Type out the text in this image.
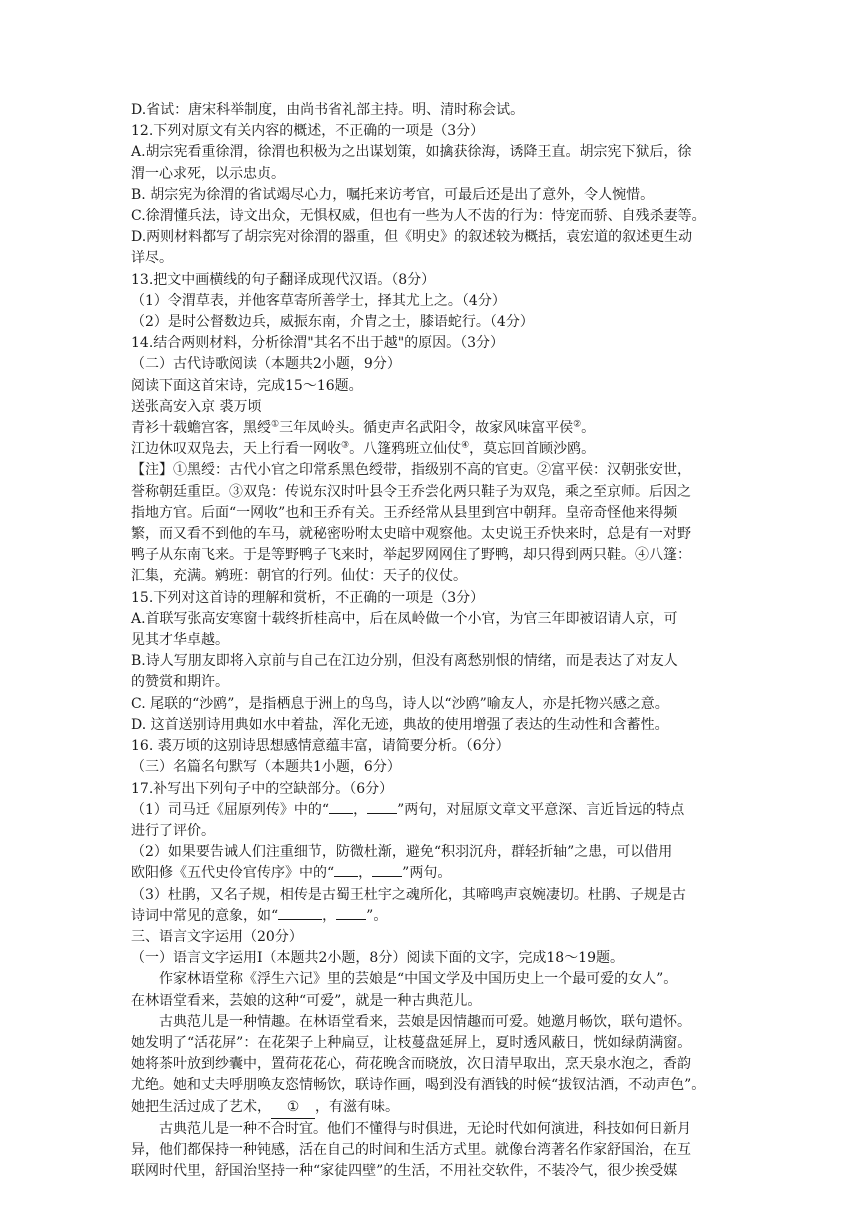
D.省试：唐宋科举制度，由尚书省礼部主持。明、清时称会试。
12.下列对原文有关内容的概述，不正确的一项是（3分）
A.胡宗宪看重徐渭，徐渭也积极为之出谋划策，如擒获徐海，诱降王直。胡宗宪下狱后，徐
渭一心求死，以示忠贞。
B. 胡宗宪为徐渭的省试竭尽心力，嘱托来访考官，可最后还是出了意外，令人惋惜。
C.徐渭懂兵法，诗文出众，无惧权威，但也有一些为人不齿的行为：恃宠而骄、自残杀妻等。
D.两则材料都写了胡宗宪对徐渭的器重，但《明史》的叙述较为概括，袁宏道的叙述更生动
详尽。
13.把文中画横线的句子翻译成现代汉语。（8分）
（1）令渭草表，并他客草寄所善学士，择其尤上之。（4分）
（2）是时公督数边兵，威振东南，介胄之士，膝语蛇行。（4分）
14.结合两则材料，分析徐渭"其名不出于越"的原因。（3分）
（二）古代诗歌阅读（本题共2小题，9分）
阅读下面这首宋诗，完成15～16题。
送张高安入京 裘万顷
青衫十载蟾宫客，黑绶①三年凤岭头。循吏声名武阳令，故家风味富平侯②。
江边休叹双凫去，天上行看一网收③。八篷鸦班立仙仗④，莫忘回首顾沙鸥。
【注】①黑绶：古代小官之印常系黑色绶带，指级别不高的官吏。②富平侯：汉朝张安世，
誉称朝廷重臣。③双凫：传说东汉时叶县令王乔尝化两只鞋子为双凫，乘之至京师。后因之
指地方官。后面“一网收”也和王乔有关。王乔经常从县里到宫中朝拜。皇帝奇怪他来得频
繁，而又看不到他的车马，就秘密吩咐太史暗中观察他。太史说王乔快来时，总是有一对野
鸭子从东南飞来。于是等野鸭子飞来时，举起罗网网住了野鸭，却只得到两只鞋。④八篷：
汇集，充满。鹓班：朝官的行列。仙仗：天子的仪仗。
15.下列对这首诗的理解和赏析，不正确的一项是（3分）
A.首联写张高安寒窗十载终折桂高中，后在凤岭做一个小官，为官三年即被诏请人京，可
见其才华卓越。
B.诗人写朋友即将入京前与自己在江边分别，但没有离愁别恨的情绪，而是表达了对友人
的赞赏和期许。
C. 尾联的“沙鸥”，是指栖息于洲上的鸟鸟，诗人以“沙鸥”喻友人，亦是托物兴感之意。
D. 这首送别诗用典如水中着盐，浑化无迹，典故的使用增强了表达的生动性和含蓄性。
16. 裘万顷的这别诗思想感情意蕴丰富，请简要分析。（6分）
（三）名篇名句默写（本题共1小题，6分）
17.补写出下列句子中的空缺部分。（6分）
（1）司马迁《屈原列传》中的“ ， ”两句，对屈原文章文平意深、言近旨远的特点
进行了评价。
（2）如果要告诫人们注重细节，防微杜渐，避免“积羽沉舟，群轻折轴”之患，可以借用
欧阳修《五代史伶官传序》中的“ ， ”两句。
（3）杜鹃，又名子规，相传是古蜀王杜宇之魂所化，其啼鸣声哀婉凄切。杜鹃、子规是古
诗词中常见的意象，如“	， ”。
三、语言文字运用（20分）
（一）语言文字运用Ⅰ（本题共2小题，8分）阅读下面的文字，完成18～19题。
作家林语堂称《浮生六记》里的芸娘是“中国文学及中国历史上一个最可爱的女人”。
在林语堂看来，芸娘的这种“可爱”，就是一种古典范儿。
古典范儿是一种情趣。在林语堂看来，芸娘是因情趣而可爱。她邀月畅饮，联句遣怀。
她发明了“活花屏”：在花架子上种扁豆，让枝蔓盘延屏上，夏时透风蔽日，恍如绿荫满窗。
她将茶叶放到纱囊中，置荷花花心，荷花晚含而晓放，次日清早取出，烹天泉水泡之，香韵
尤绝。她和丈夫呼朋唤友恣情畅饮，联诗作画，喝到没有酒钱的时候“拔钗沽酒，不动声色”。
她把生活过成了艺术， ① ，有滋有味。
古典范儿是一种不合时宜。他们不懂得与时俱进，无论时代如何演进，科技如何日新月
异，他们都保持一种钝感，活在自己的时间和生活方式里。就像台湾著名作家舒国治，在互
联网时代里，舒国治坚持一种“家徒四壁”的生活，不用社交软件，不装冷气，很少挨受媒
